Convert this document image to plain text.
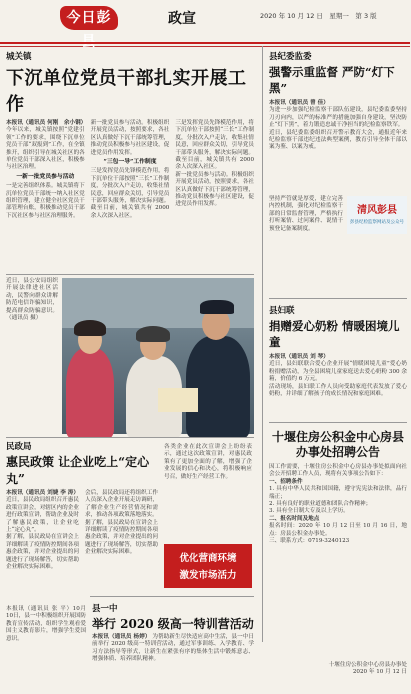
今日彭县
政宣	2020 年 10 月 12 日　星期一　第 3 版
城关镇
下沉单位党员干部扎实开展工作
本报讯（通讯员 何刚　余小钢）
今年以来，城关镇按照“党建引领”工作的要求，围绕下沉单位党员干部“双报到”工作，在全镇推开，组织引导在城关社区的各单位党员干部深入社区，积极参与社区治理。
一新一批党员参与活动
一是完善组织体系。城关镇将下沉单位党员干部统一纳入社区党组织管理，建立健全社区党员干部管理台账，积极推动党员干部下沉社区参与社区治理服务。
新一批党员参与活动。积极组织开展党员活动，按照要求，各社区认真做好下沉干部统筹管理，推动党员积极参与社区建设，促进党员作用发挥。
“三包一导”工作制度
三是发挥党员先锋模范作用，将下沉单位干部按照“三长”工作制度，分批次入户走访，收集社情民意，回应群众关切，引导党员干部带头服务，解决实际问题。截至目前，城关镇共有 2000 余人次深入社区。
三是发挥党员先锋模范作用，将下沉单位干部按照“三长”工作制度，分批次入户走访，收集社情民意，回应群众关切，引导党员干部带头服务，解决实际问题。截至目前，城关镇共有 2000 余人次深入社区。
新一批党员参与活动。积极组织开展党员活动，按照要求，各社区认真做好下沉干部统筹管理，推动党员积极参与社区建设，促进党员作用发挥。
近日，县公安局组织开展法律进社区活动，民警向群众讲解防范电信诈骗知识，提高群众防骗意识。（通讯员 摄）
民政局
惠民政策 让企业吃上“定心丸”
本报讯（通讯员 刘婕 李 涛）
近日，县民政局组织召开惠民政策宣讲会，对辖区内的企业进行政策宣讲，帮助企业及时了解惠民政策，让企业吃上“定心丸”。
据了解，县民政局在宣讲会上详细解读了疫情防控期间各项惠企政策，并对企业提出的问题进行了现场解答，切实帮助企业解决实际困难。
会后，县民政局还将组织工作人员深入企业开展走访调研，了解企业生产经营情况和需求，推动各项政策落地落实。
据了解，县民政局在宣讲会上详细解读了疫情防控期间各项惠企政策，并对企业提出的问题进行了现场解答，切实帮助企业解决实际困难。
各类企业在此次宣讲会上纷纷表示，通过这次政策宣讲，对惠民政策有了更加全面的了解，增强了企业发展的信心和决心，将积极响应号召，做好生产经营工作。
优化营商环境
激发市场活力
本报讯（通讯员 张 平）10月 10日，县一中积极组织开展国防教育宣传活动，组织学生观看爱国主义教育影片，增强学生爱国意识。
县一中
举行 2020 级高一特训营活动
本报讯（通讯员 杨婷） 为帮助新生尽快适应高中生活，县一中日前举行 2020 级高一特训营活动，通过军事训练、入学教育、学习方法指导等形式，让新生在紧张有序的集体生活中锻炼意志、增强体质、培养团队精神。
县纪委监委
强警示重监督 严防“灯下黑”
本报讯（通讯员 曾 佳）
为进一步加强纪检监察干部队伍建设，县纪委监委坚持刀刃向内，以严的标准严的措施加强自身建设，坚决防止“灯下黑”，着力锻造忠诚干净担当的纪检监察铁军。
近日，县纪委监委组织召开警示教育大会，通报近年来纪检监察干部违纪违法典型案例，教育引导全体干部以案为鉴、以案为戒。
坚持严管就是厚爱，建立完善内控机制，强化对纪检监察干部的日常监督管理，严格执行打听案情、过问案件、说情干预登记备案制度。
清风彭县
彭县纪检监察网站及公众号
县妇联
捐赠爱心奶粉 情暖困境儿童
本报讯（通讯员 刘 琴）
近日，县妇联联合爱心企业开展“情暖困境儿童”爱心奶粉捐赠活动，为全县困境儿童家庭送去爱心奶粉 300 余箱，价值约 6 万元。
活动现场，县妇联工作人员向受助家庭代表发放了爱心奶粉，并详细了解孩子的成长情况和家庭困难。
十堰住房公积金中心房县办事处招聘公告
因工作需要，十堰住房公积金中心房县办事处拟面向社会公开招聘工作人员，现将有关事项公告如下：
一、招聘条件
1. 具有中华人民共和国国籍，遵守宪宪法和法律，品行端正；
2. 具有良好的职业道德和团队合作精神；
3. 具有全日制大专及以上学历。
二、报名时间及地点
报名时间：2020 年 10 月 12 日至 10 月 16 日，地点：房县公积金办事处。
三、联系方式：0719-3240123
十堰住房公积金中心房县办事处
2020 年 10 月 12 日
